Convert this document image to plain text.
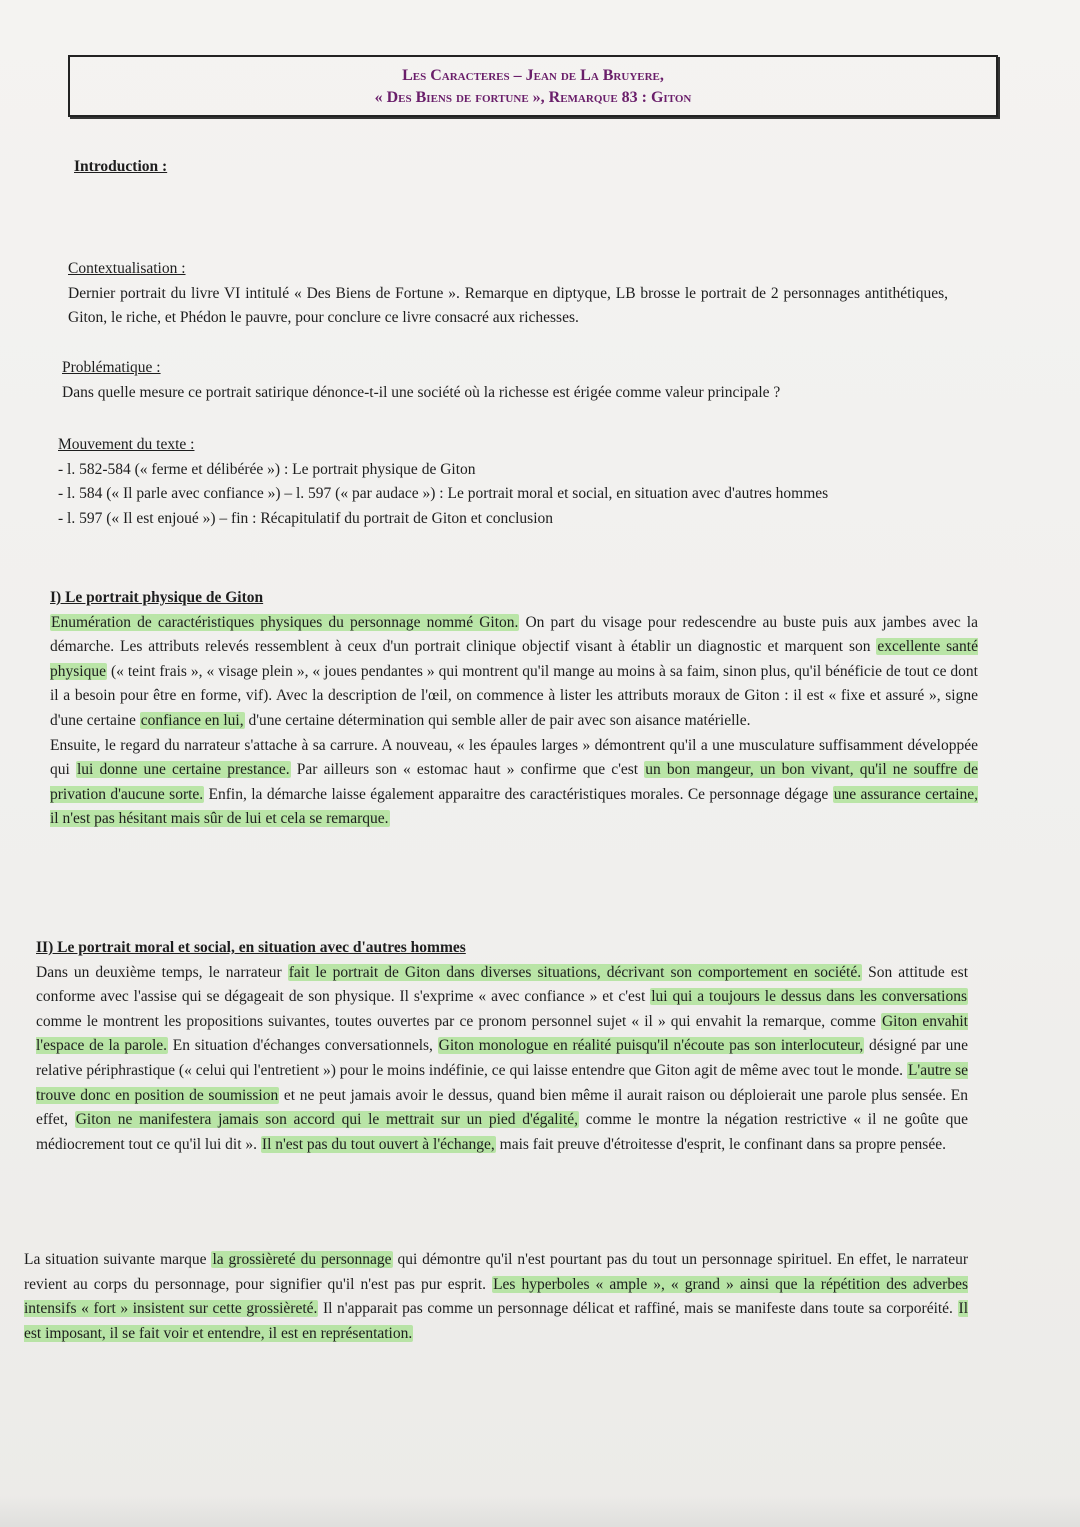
Les Caracteres – Jean de La Bruyere,
« Des Biens de fortune », Remarque 83 : Giton
Introduction :
Contextualisation :
Dernier portrait du livre VI intitulé « Des Biens de Fortune ». Remarque en diptyque, LB brosse le portrait de 2 personnages antithétiques, Giton, le riche, et Phédon le pauvre, pour conclure ce livre consacré aux richesses.
Problématique :
Dans quelle mesure ce portrait satirique dénonce-t-il une société où la richesse est érigée comme valeur principale ?
Mouvement du texte :
- l. 582-584 (« ferme et délibérée ») : Le portrait physique de Giton
- l. 584 (« Il parle avec confiance ») – l. 597 (« par audace ») : Le portrait moral et social, en situation avec d'autres hommes
- l. 597 (« Il est enjoué ») – fin : Récapitulatif du portrait de Giton et conclusion
I) Le portrait physique de Giton
Enumération de caractéristiques physiques du personnage nommé Giton. On part du visage pour redescendre au buste puis aux jambes avec la démarche. Les attributs relevés ressemblent à ceux d'un portrait clinique objectif visant à établir un diagnostic et marquent son excellente santé physique (« teint frais », « visage plein », « joues pendantes » qui montrent qu'il mange au moins à sa faim, sinon plus, qu'il bénéficie de tout ce dont il a besoin pour être en forme, vif). Avec la description de l'œil, on commence à lister les attributs moraux de Giton : il est « fixe et assuré », signe d'une certaine confiance en lui, d'une certaine détermination qui semble aller de pair avec son aisance matérielle.
Ensuite, le regard du narrateur s'attache à sa carrure. A nouveau, « les épaules larges » démontrent qu'il a une musculature suffisamment développée qui lui donne une certaine prestance. Par ailleurs son « estomac haut » confirme que c'est un bon mangeur, un bon vivant, qu'il ne souffre de privation d'aucune sorte. Enfin, la démarche laisse également apparaitre des caractéristiques morales. Ce personnage dégage une assurance certaine, il n'est pas hésitant mais sûr de lui et cela se remarque.
II) Le portrait moral et social, en situation avec d'autres hommes
Dans un deuxième temps, le narrateur fait le portrait de Giton dans diverses situations, décrivant son comportement en société. Son attitude est conforme avec l'assise qui se dégageait de son physique. Il s'exprime « avec confiance » et c'est lui qui a toujours le dessus dans les conversations comme le montrent les propositions suivantes, toutes ouvertes par ce pronom personnel sujet « il » qui envahit la remarque, comme Giton envahit l'espace de la parole. En situation d'échanges conversationnels, Giton monologue en réalité puisqu'il n'écoute pas son interlocuteur, désigné par une relative périphrastique (« celui qui l'entretient ») pour le moins indéfinie, ce qui laisse entendre que Giton agit de même avec tout le monde. L'autre se trouve donc en position de soumission et ne peut jamais avoir le dessus, quand bien même il aurait raison ou déploierait une parole plus sensée. En effet, Giton ne manifestera jamais son accord qui le mettrait sur un pied d'égalité, comme le montre la négation restrictive « il ne goûte que médiocrement tout ce qu'il lui dit ». Il n'est pas du tout ouvert à l'échange, mais fait preuve d'étroitesse d'esprit, le confinant dans sa propre pensée.
La situation suivante marque la grossièreté du personnage qui démontre qu'il n'est pourtant pas du tout un personnage spirituel. En effet, le narrateur revient au corps du personnage, pour signifier qu'il n'est pas pur esprit. Les hyperboles « ample », « grand » ainsi que la répétition des adverbes intensifs « fort » insistent sur cette grossièreté. Il n'apparait pas comme un personnage délicat et raffiné, mais se manifeste dans toute sa corporéité. Il est imposant, il se fait voir et entendre, il est en représentation.
